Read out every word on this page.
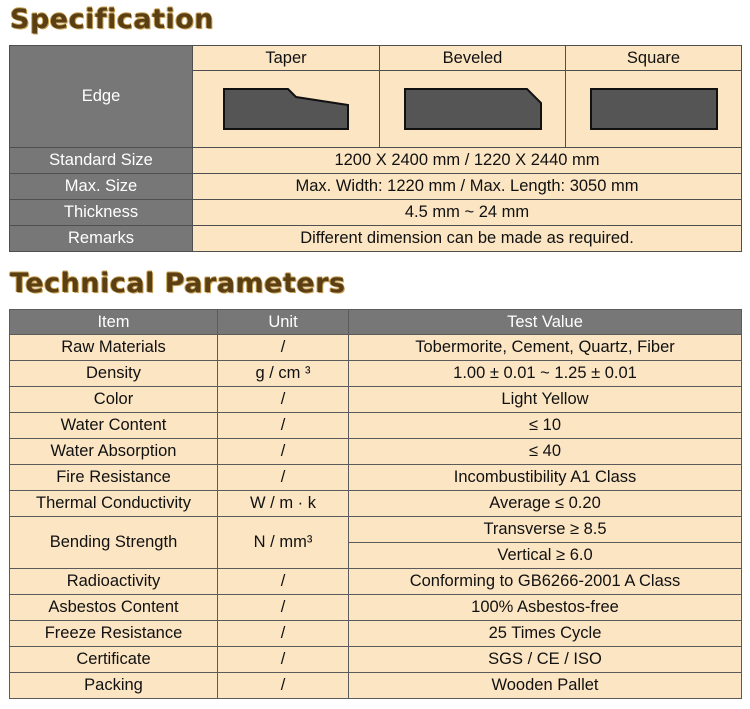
Specification
Edge	Taper	Beveled	Square

Standard Size	1200 X 2400 mm / 1220 X 2440 mm		
Max. Size	Max. Width: 1220 mm / Max. Length: 3050 mm		
Thickness	4.5 mm ~ 24 mm		
Remarks	Different dimension can be made as required.		
Technical Parameters
Item	Unit	Test Value
Raw Materials	/	Tobermorite, Cement, Quartz, Fiber
Density	g / cm ³	1.00 ± 0.01 ~ 1.25 ± 0.01
Color	/	Light Yellow
Water Content	/	≤ 10
Water Absorption	/	≤ 40
Fire Resistance	/	Incombustibility A1 Class
Thermal Conductivity	W / m · k	Average ≤ 0.20
Bending Strength	N / mm³	Transverse ≥ 8.5
		Vertical ≥ 6.0
Radioactivity	/	Conforming to GB6266-2001 A Class
Asbestos Content	/	100% Asbestos-free
Freeze Resistance	/	25 Times Cycle
Certificate	/	SGS / CE / ISO
Packing	/	Wooden Pallet
